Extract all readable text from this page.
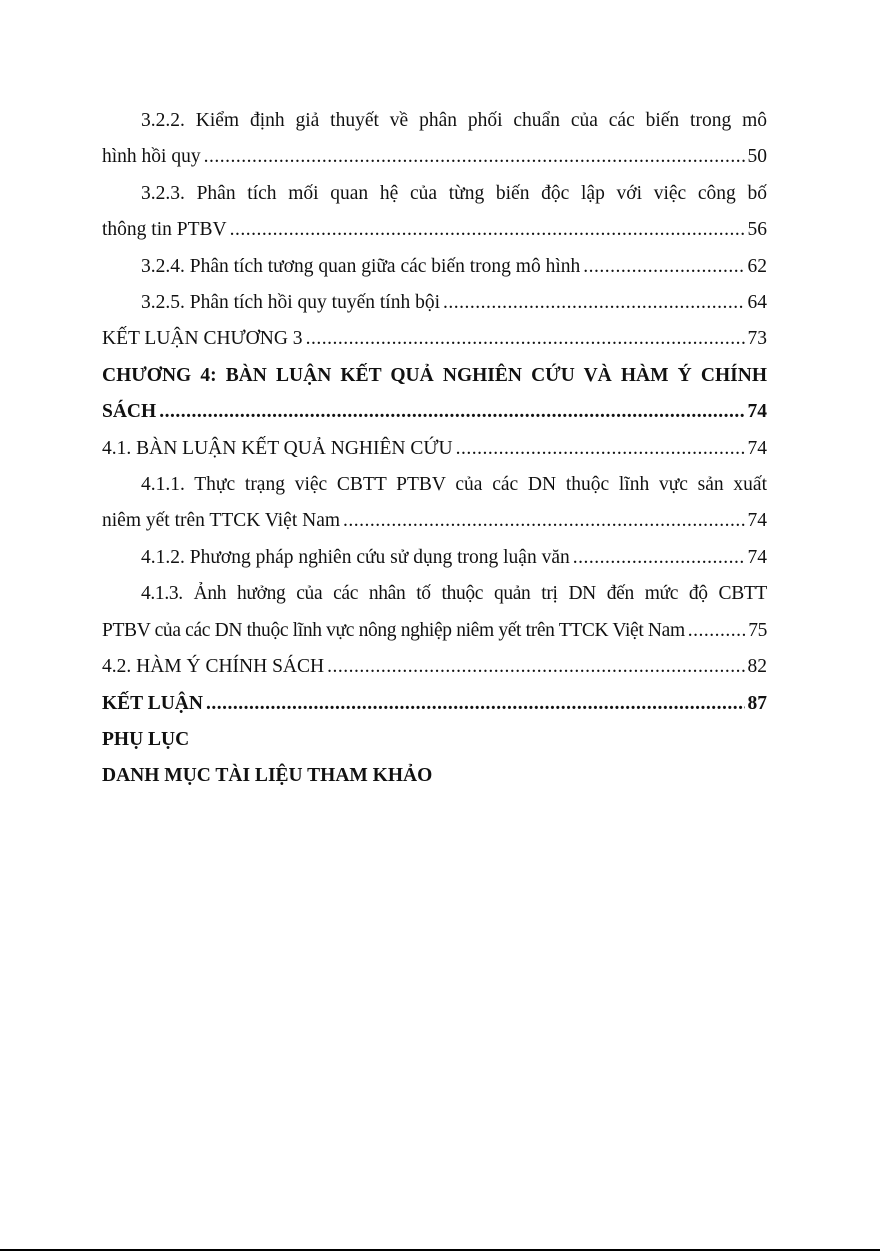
3.2.2. Kiểm định giả thuyết về phân phối chuẩn của các biến trong mô
hình hồi quy .....	50
3.2.3. Phân tích mối quan hệ của từng biến độc lập với việc công bố
thông tin PTBV .....	56
3.2.4. Phân tích tương quan giữa các biến trong mô hình .....	62
3.2.5. Phân tích hồi quy tuyến tính bội .....	64
KẾT LUẬN CHƯƠNG 3 .....	73
CHƯƠNG 4: BÀN LUẬN KẾT QUẢ NGHIÊN CỨU VÀ HÀM Ý CHÍNH
SÁCH .....	74
4.1. BÀN LUẬN KẾT QUẢ NGHIÊN CỨU .....	74
4.1.1. Thực trạng việc CBTT PTBV của các DN thuộc lĩnh vực sản xuất
niêm yết trên TTCK Việt Nam .....	74
4.1.2. Phương pháp nghiên cứu sử dụng trong luận văn .....	74
4.1.3. Ảnh hưởng của các nhân tố thuộc quản trị DN đến mức độ CBTT
PTBV của các DN thuộc lĩnh vực nông nghiệp niêm yết trên TTCK Việt Nam .....	75
4.2. HÀM Ý CHÍNH SÁCH .....	82
KẾT LUẬN .....	87
PHỤ LỤC
DANH MỤC TÀI LIỆU THAM KHẢO
